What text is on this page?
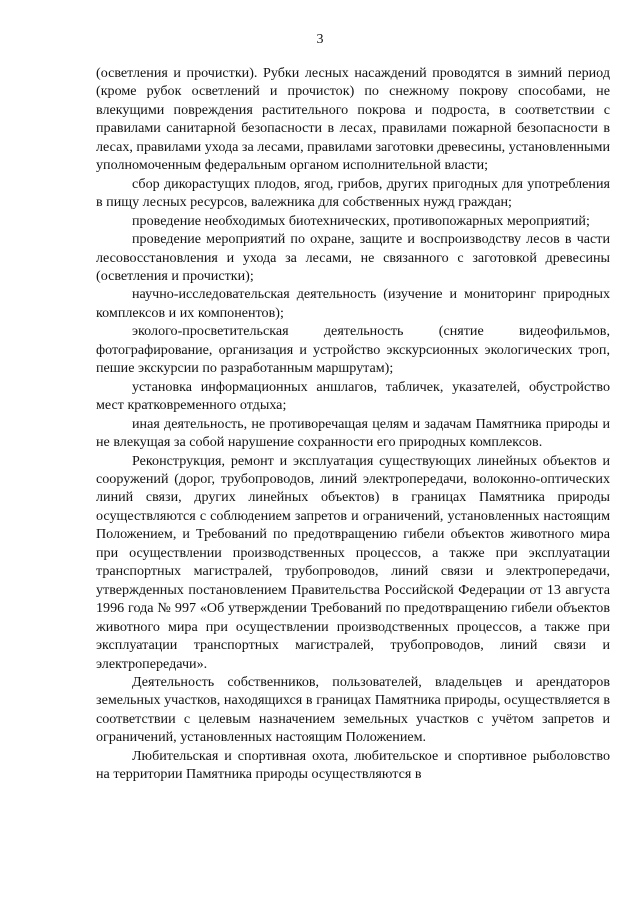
3

(осветления и прочистки). Рубки лесных насаждений проводятся в зимний период (кроме рубок осветлений и прочисток) по снежному покрову способами, не влекущими повреждения растительного покрова и подроста, в соответствии с правилами санитарной безопасности в лесах, правилами пожарной безопасности в лесах, правилами ухода за лесами, правилами заготовки древесины, установленными уполномоченным федеральным органом исполнительной власти;

сбор дикорастущих плодов, ягод, грибов, других пригодных для употребления в пищу лесных ресурсов, валежника для собственных нужд граждан;

проведение необходимых биотехнических, противопожарных мероприятий;

проведение мероприятий по охране, защите и воспроизводству лесов в части лесовосстановления и ухода за лесами, не связанного с заготовкой древесины (осветления и прочистки);

научно-исследовательская деятельность (изучение и мониторинг природных комплексов и их компонентов);

эколого-просветительская деятельность (снятие видеофильмов, фотографирование, организация и устройство экскурсионных экологических троп, пешие экскурсии по разработанным маршрутам);

установка информационных аншлагов, табличек, указателей, обустройство мест кратковременного отдыха;

иная деятельность, не противоречащая целям и задачам Памятника природы и не влекущая за собой нарушение сохранности его природных комплексов.

Реконструкция, ремонт и эксплуатация существующих линейных объектов и сооружений (дорог, трубопроводов, линий электропередачи, волоконно-оптических линий связи, других линейных объектов) в границах Памятника природы осуществляются с соблюдением запретов и ограничений, установленных настоящим Положением, и Требований по предотвращению гибели объектов животного мира при осуществлении производственных процессов, а также при эксплуатации транспортных магистралей, трубопроводов, линий связи и электропередачи, утвержденных постановлением Правительства Российской Федерации от 13 августа 1996 года № 997 «Об утверждении Требований по предотвращению гибели объектов животного мира при осуществлении производственных процессов, а также при эксплуатации транспортных магистралей, трубопроводов, линий связи и электропередачи».

Деятельность собственников, пользователей, владельцев и арендаторов земельных участков, находящихся в границах Памятника природы, осуществляется в соответствии с целевым назначением земельных участков с учётом запретов и ограничений, установленных настоящим Положением.

Любительская и спортивная охота, любительское и спортивное рыболовство на территории Памятника природы осуществляются в
